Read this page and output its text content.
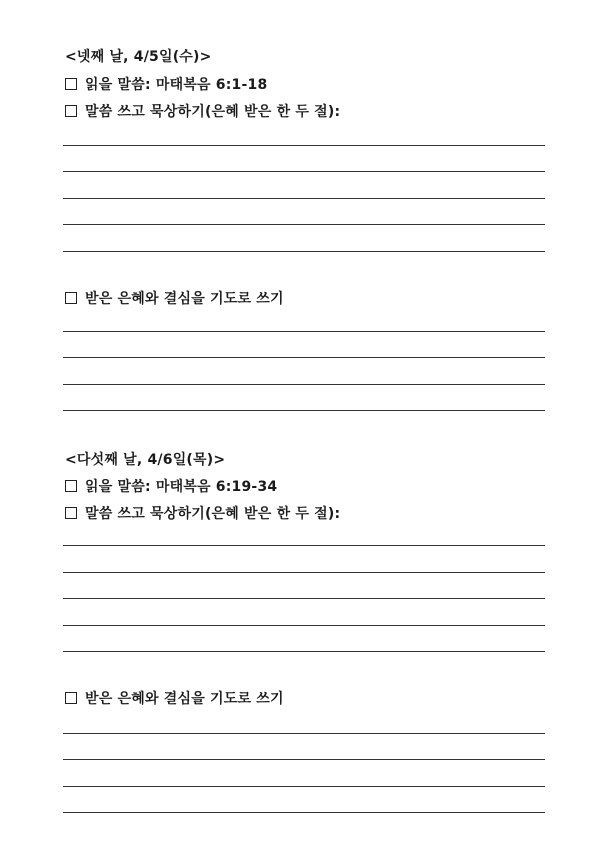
<넷째 날, 4/5일(수)>
읽을 말씀: 마태복음 6:1-18
말씀 쓰고 묵상하기(은혜 받은 한 두 절):
받은 은혜와 결심을 기도로 쓰기
<다섯째 날, 4/6일(목)>
읽을 말씀: 마태복음 6:19-34
말씀 쓰고 묵상하기(은혜 받은 한 두 절):
받은 은혜와 결심을 기도로 쓰기
